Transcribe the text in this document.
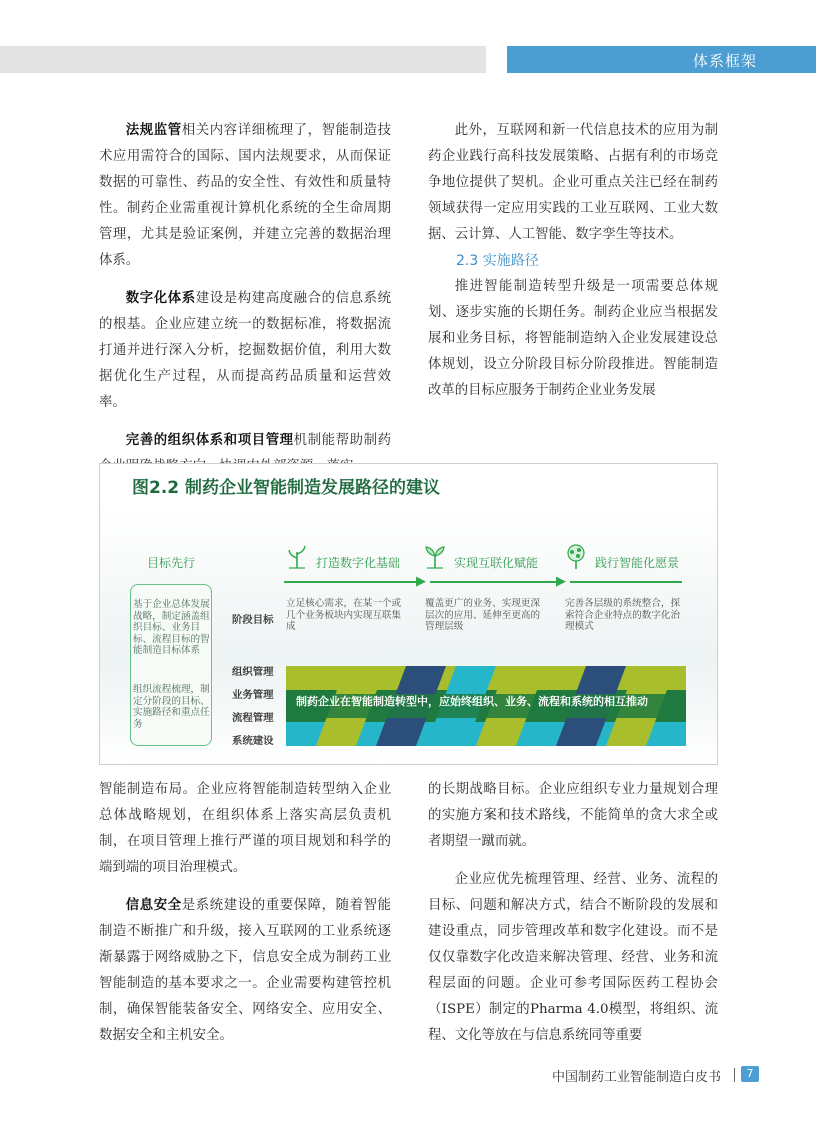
体系框架

法规监管相关内容详细梳理了，智能制造技术应用需符合的国际、国内法规要求，从而保证数据的可靠性、药品的安全性、有效性和质量特性。制药企业需重视计算机化系统的全生命周期管理，尤其是验证案例，并建立完善的数据治理体系。

数字化体系建设是构建高度融合的信息系统的根基。企业应建立统一的数据标准，将数据流打通并进行深入分析，挖掘数据价值，利用大数据优化生产过程，从而提高药品质量和运营效率。

完善的组织体系和项目管理机制能帮助制药

此外，互联网和新一代信息技术的应用为制药企业践行高科技发展策略、占据有利的市场竞争地位提供了契机。企业可重点关注已经在制药领域获得一定应用实践的工业互联网、工业大数据、云计算、人工智能、数字孪生等技术。

2.3 实施路径

推进智能制造转型升级是一项需要总体规划、逐步实施的长期任务。制药企业应当根据发展和业务目标，将智能制造纳入企业发展建设总体规划，设立分阶段目标分阶段推进。智能制造改革的目标应服务于制药企业业务发展

图2.2 制药企业智能制造发展路径的建议
目标先行
基于企业总体发展战略，制定涵盖组织目标、业务目标、流程目标的智能制造目标体系
组织流程梳理，制定分阶段的目标、实施路径和重点任务
打造数字化基础	实现互联化赋能	践行智能化愿景
▶	▶
阶段目标
立足核心需求，在某一个或几个业务板块内实现互联集成
覆盖更广的业务、实现更深层次的应用、延伸至更高的管理层级
完善各层级的系统整合，探索符合企业特点的数字化治理模式
组织管理
业务管理
流程管理
系统建设
制药企业在智能制造转型中，应始终组织、业务、流程和系统的相互推动

智能制造布局。企业应将智能制造转型纳入企业总体战略规划，在组织体系上落实高层负责机制，在项目管理上推行严谨的项目规划和科学的端到端的项目治理模式。

信息安全是系统建设的重要保障，随着智能制造不断推广和升级，接入互联网的工业系统逐渐暴露于网络威胁之下，信息安全成为制药工业智能制造的基本要求之一。企业需要构建管控机制，确保智能装备安全、网络安全、应用安全、数据安全和主机安全。

的长期战略目标。企业应组织专业力量规划合理的实施方案和技术路线，不能简单的贪大求全或者期望一蹴而就。

企业应优先梳理管理、经营、业务、流程的目标、问题和解决方式，结合不断阶段的发展和建设重点，同步管理改革和数字化建设。而不是仅仅靠数字化改造来解决管理、经营、业务和流程层面的问题。企业可参考国际医药工程协会（ISPE）制定的Pharma 4.0模型，将组织、流程、文化等放在与信息系统同等重要

中国制药工业智能制造白皮书	7
